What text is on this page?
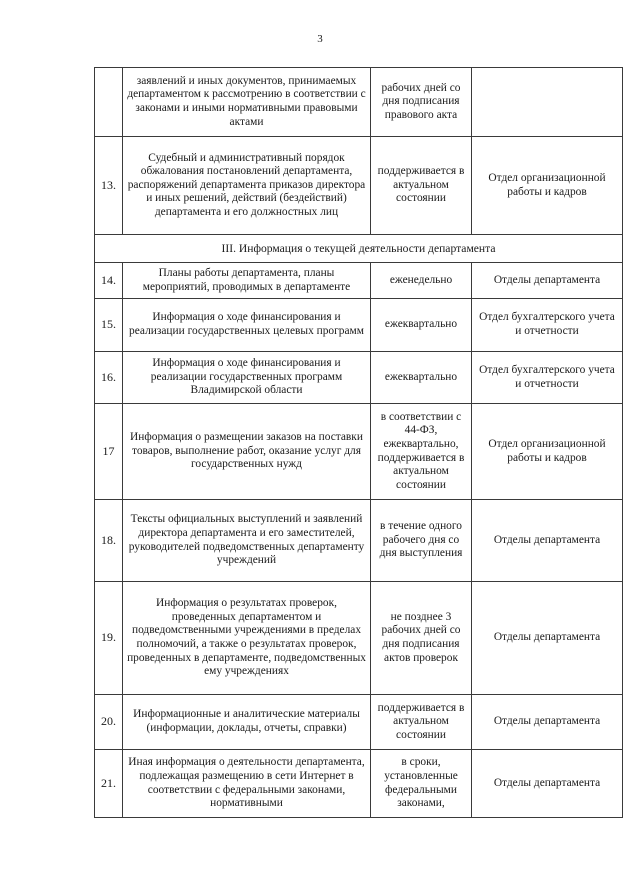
3
	заявлений и иных документов, принимаемых департаментом к рассмотрению в соответствии с законами и иными нормативными правовыми актами	рабочих дней со дня подписания правового акта	
13.	Судебный и административный порядок обжалования постановлений департамента, распоряжений департамента приказов директора и иных решений, действий (бездействий) департамента и его должностных лиц	поддерживается в актуальном состоянии	Отдел организационной работы и кадров
III. Информация о текущей деятельности департамента			
14.	Планы работы департамента, планы мероприятий, проводимых в департаменте	еженедельно	Отделы департамента
15.	Информация о ходе финансирования и реализации государственных целевых программ	ежеквартально	Отдел бухгалтерского учета и отчетности
16.	Информация о ходе финансирования и реализации государственных программ Владимирской области	ежеквартально	Отдел бухгалтерского учета и отчетности
17	Информация о размещении заказов на поставки товаров, выполнение работ, оказание услуг для государственных нужд	в соответствии с 44-ФЗ, ежеквартально, поддерживается в актуальном состоянии	Отдел организационной работы и кадров
18.	Тексты официальных выступлений и заявлений директора департамента и его заместителей, руководителей подведомственных департаменту учреждений	в течение одного рабочего дня со дня выступления	Отделы департамента
19.	Информация о результатах проверок, проведенных департаментом и подведомственными учреждениями в пределах полномочий, а также о результатах проверок, проведенных в департаменте, подведомственных ему учреждениях	не позднее 3 рабочих дней со дня подписания актов проверок	Отделы департамента
20.	Информационные и аналитические материалы (информации, доклады, отчеты, справки)	поддерживается в актуальном состоянии	Отделы департамента
21.	Иная информация о деятельности департамента, подлежащая размещению в сети Интернет в соответствии с федеральными законами, нормативными	в сроки, установленные федеральными законами,	Отделы департамента
